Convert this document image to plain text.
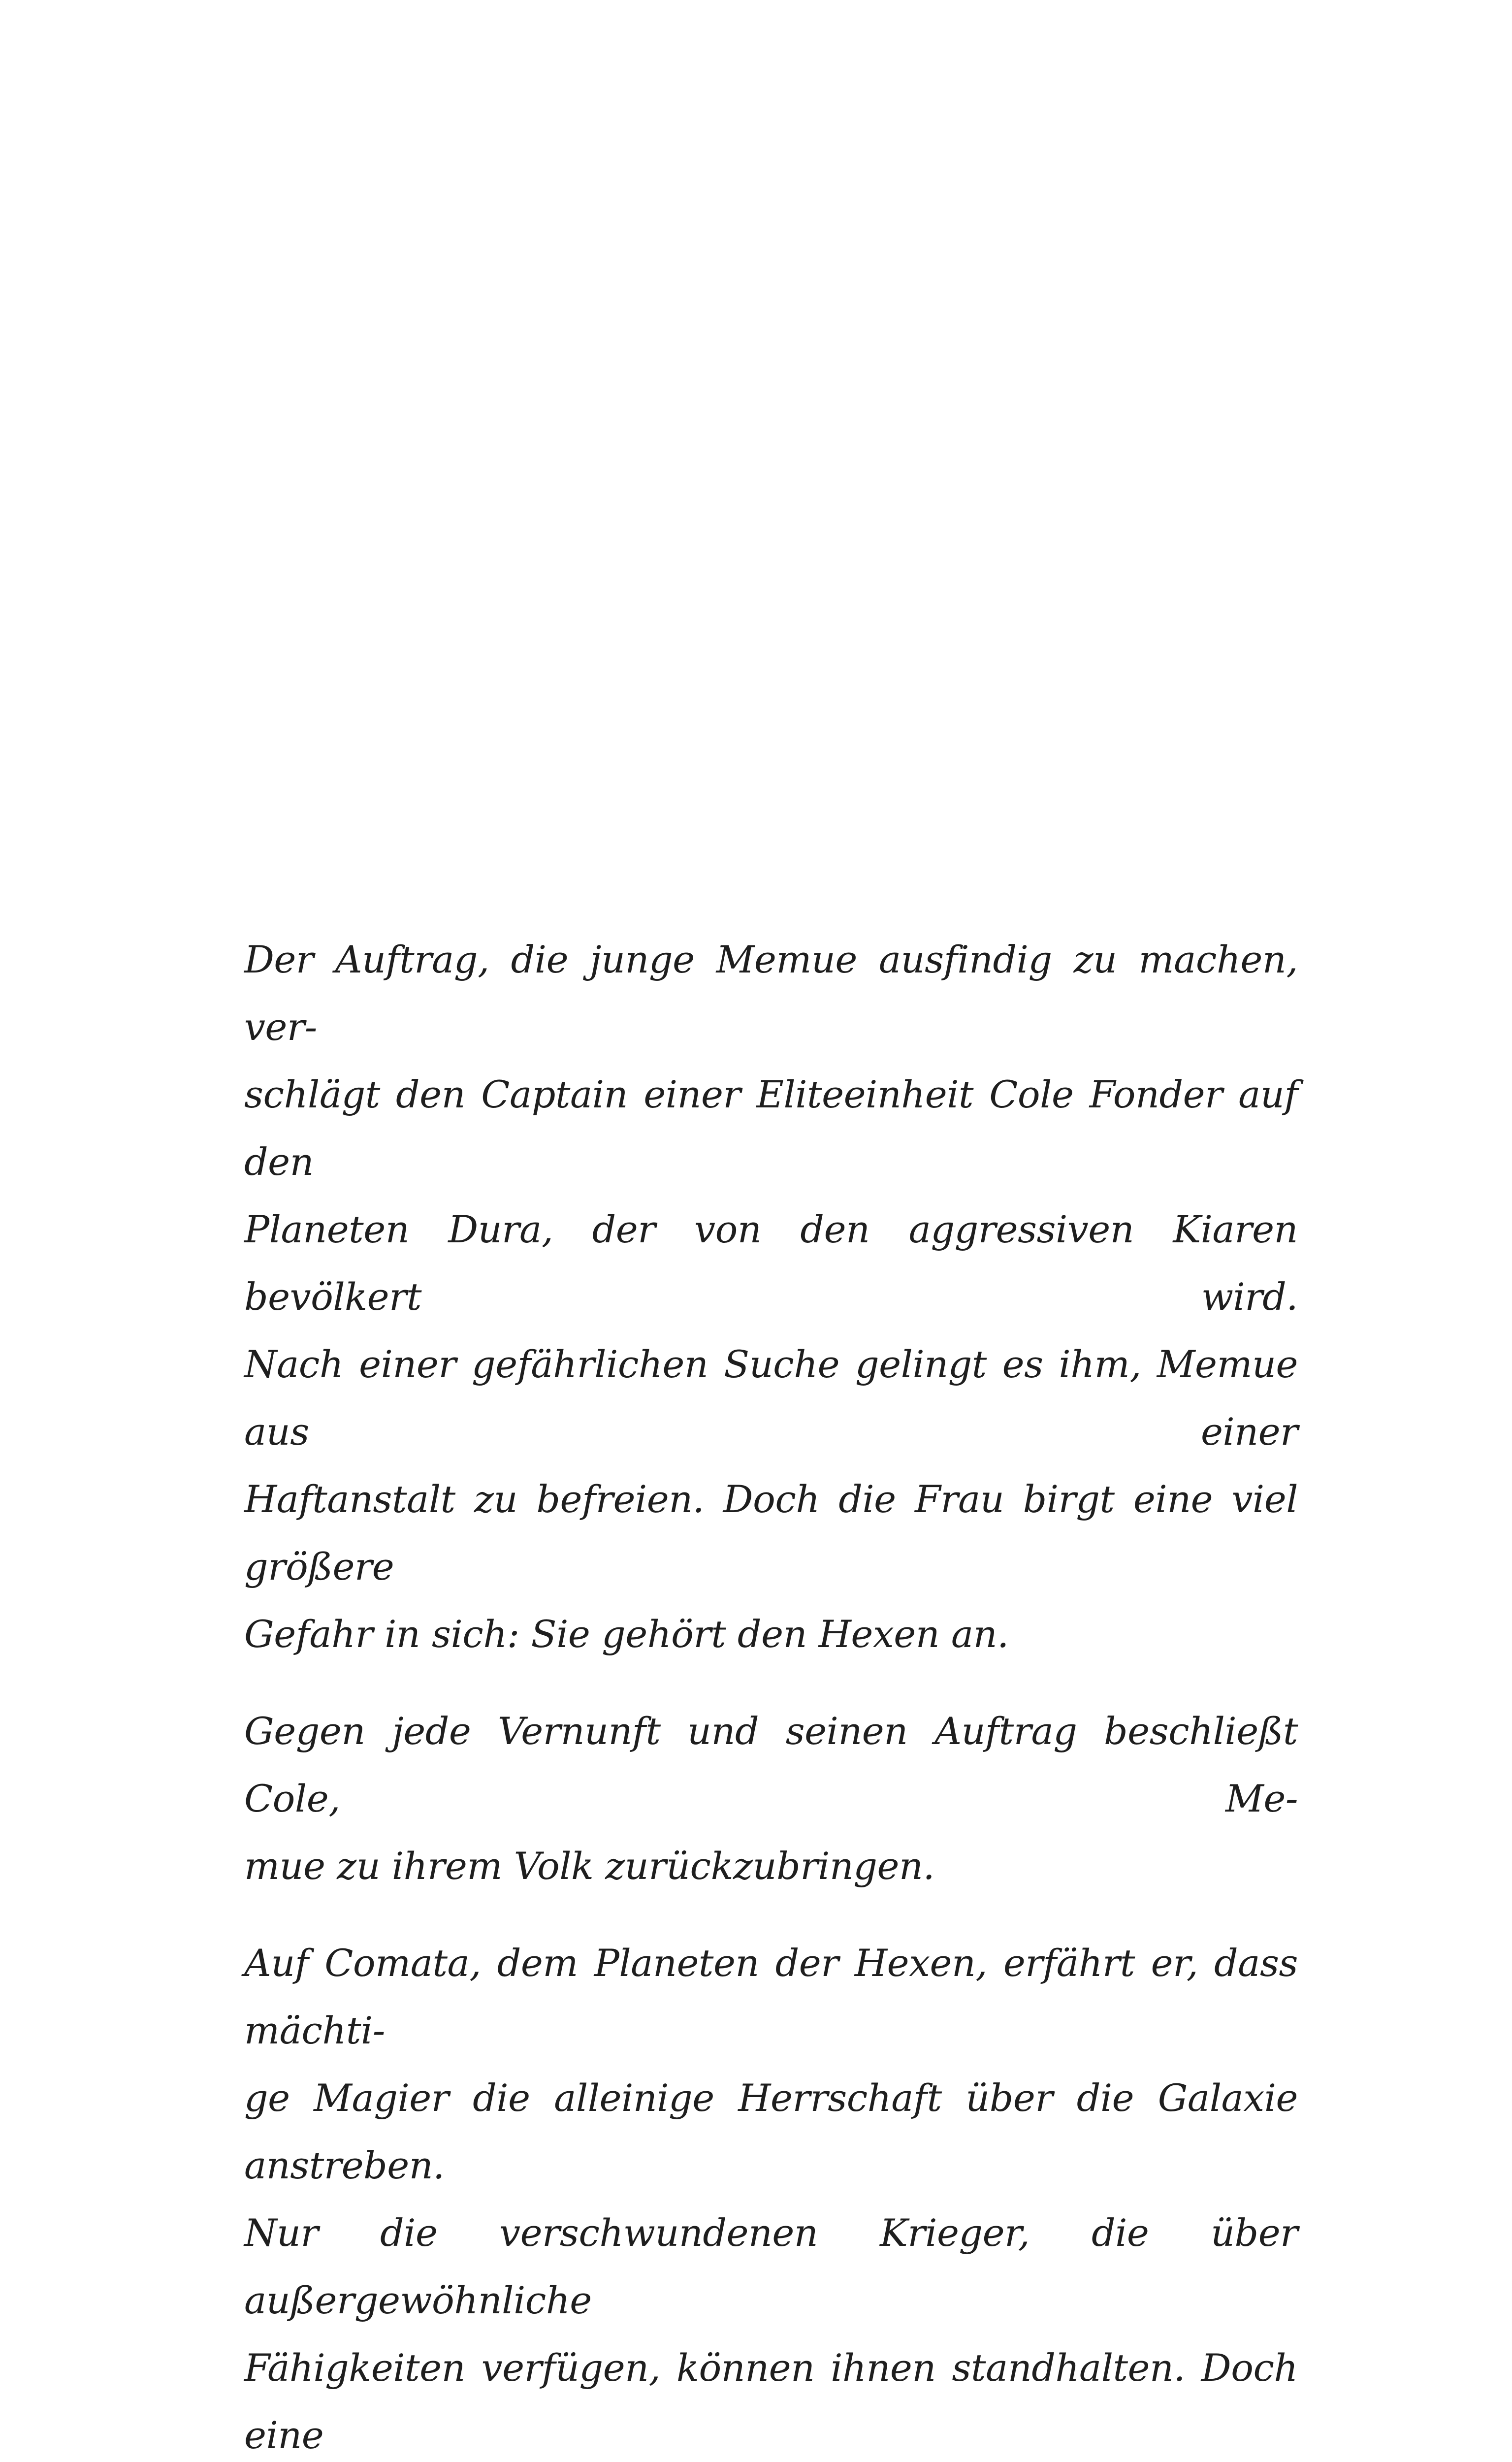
Der Auftrag, die junge Memue ausfindig zu machen, ver-
schlägt den Captain einer Eliteeinheit Cole Fonder auf den
Planeten Dura, der von den aggressiven Kiaren bevölkert wird.
Nach einer gefährlichen Suche gelingt es ihm, Memue aus einer
Haftanstalt zu befreien. Doch die Frau birgt eine viel größere
Gefahr in sich: Sie gehört den Hexen an.
Gegen jede Vernunft und seinen Auftrag beschließt Cole, Me-
mue zu ihrem Volk zurückzubringen.
Auf Comata, dem Planeten der Hexen, erfährt er, dass mächti-
ge Magier die alleinige Herrschaft über die Galaxie anstreben.
Nur die verschwundenen Krieger, die über außergewöhnliche
Fähigkeiten verfügen, können ihnen standhalten. Doch eine
